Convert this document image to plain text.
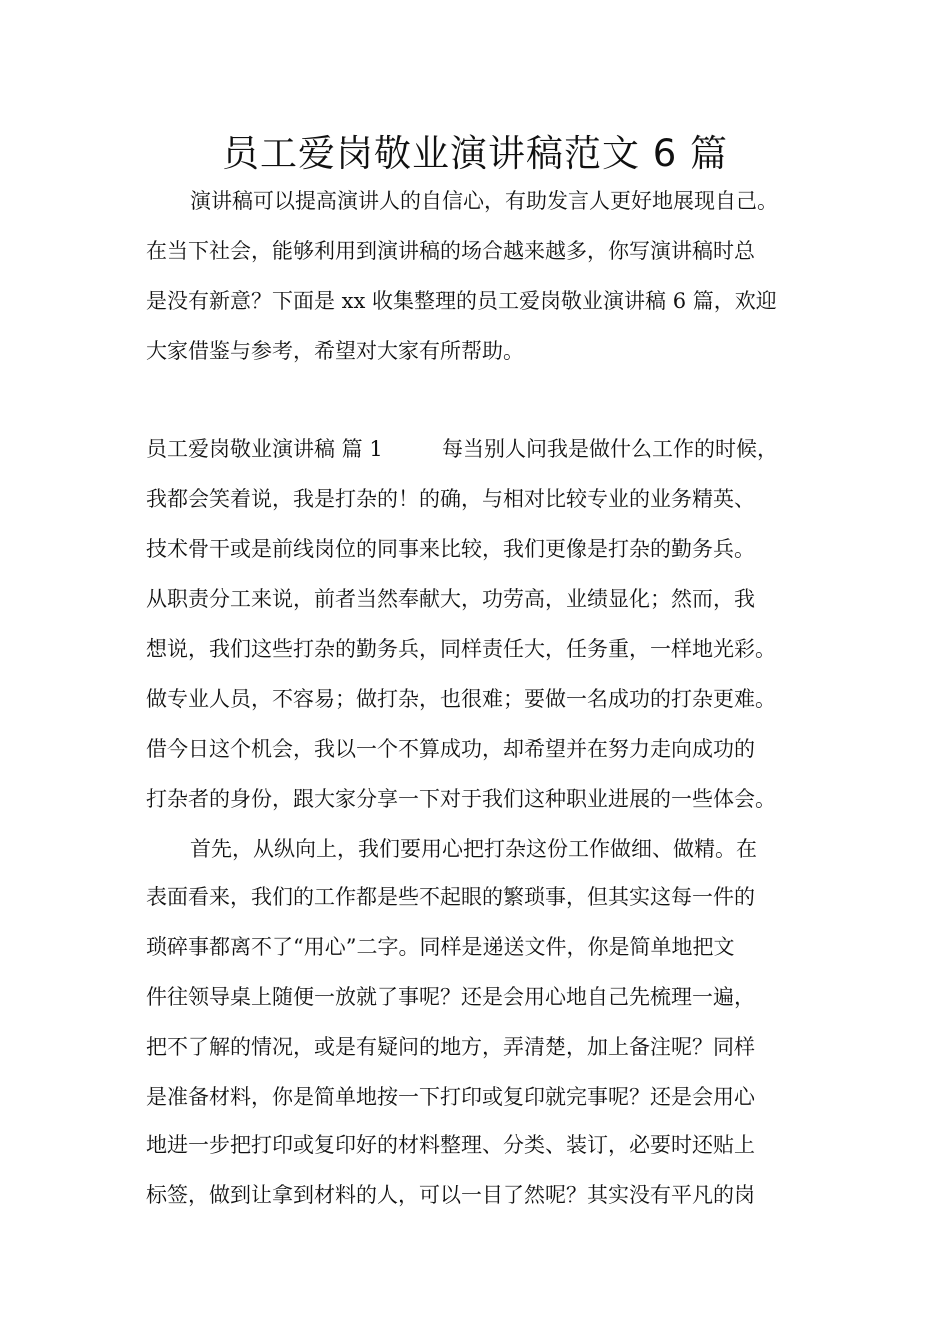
员工爱岗敬业演讲稿范文 6 篇
演讲稿可以提高演讲人的自信心，有助发言人更好地展现自己。
在当下社会，能够利用到演讲稿的场合越来越多，你写演讲稿时总
是没有新意？下面是 xx 收集整理的员工爱岗敬业演讲稿 6 篇，欢迎
大家借鉴与参考，希望对大家有所帮助。
员工爱岗敬业演讲稿 篇 1	每当别人问我是做什么工作的时候，
我都会笑着说，我是打杂的！的确，与相对比较专业的业务精英、
技术骨干或是前线岗位的同事来比较，我们更像是打杂的勤务兵。
从职责分工来说，前者当然奉献大，功劳高，业绩显化；然而，我
想说，我们这些打杂的勤务兵，同样责任大，任务重，一样地光彩。
做专业人员，不容易；做打杂，也很难；要做一名成功的打杂更难。
借今日这个机会，我以一个不算成功，却希望并在努力走向成功的
打杂者的身份，跟大家分享一下对于我们这种职业进展的一些体会。
首先，从纵向上，我们要用心把打杂这份工作做细、做精。在
表面看来，我们的工作都是些不起眼的繁琐事，但其实这每一件的
琐碎事都离不了“用心”二字。同样是递送文件，你是简单地把文
件往领导桌上随便一放就了事呢？还是会用心地自己先梳理一遍，
把不了解的情况，或是有疑问的地方，弄清楚，加上备注呢？同样
是准备材料，你是简单地按一下打印或复印就完事呢？还是会用心
地进一步把打印或复印好的材料整理、分类、装订，必要时还贴上
标签，做到让拿到材料的人，可以一目了然呢？其实没有平凡的岗
